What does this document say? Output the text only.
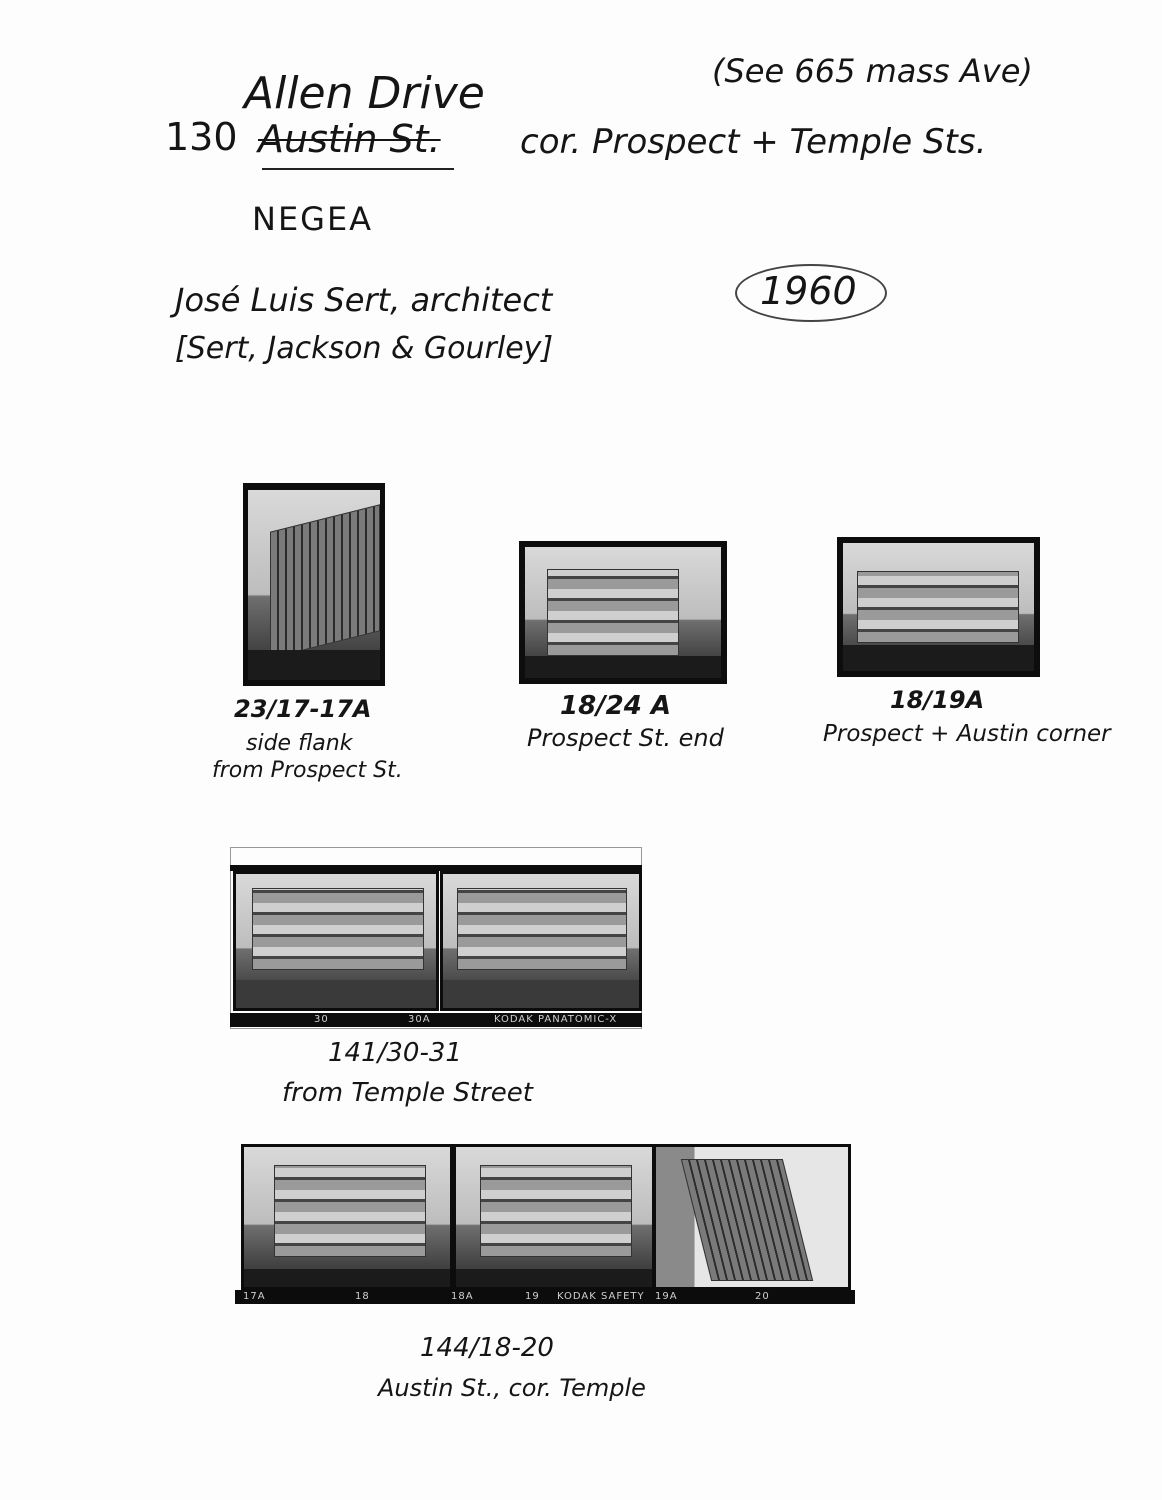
Allen Drive
130 Austin St. cor. Prospect + Temple Sts.
(See 665 mass Ave)
NEGEA
José Luis Sert, architect
[Sert, Jackson & Gourley]
1960
23/17-17A
side flank
from Prospect St.
18/24 A
Prospect St. end
18/19A
Prospect + Austin corner
30	30A	KODAK PANATOMIC-X
141/30-31
from Temple Street
17A	18	18A	19 KODAK SAFETY 19A	20
144/18-20
Austin St., cor. Temple
